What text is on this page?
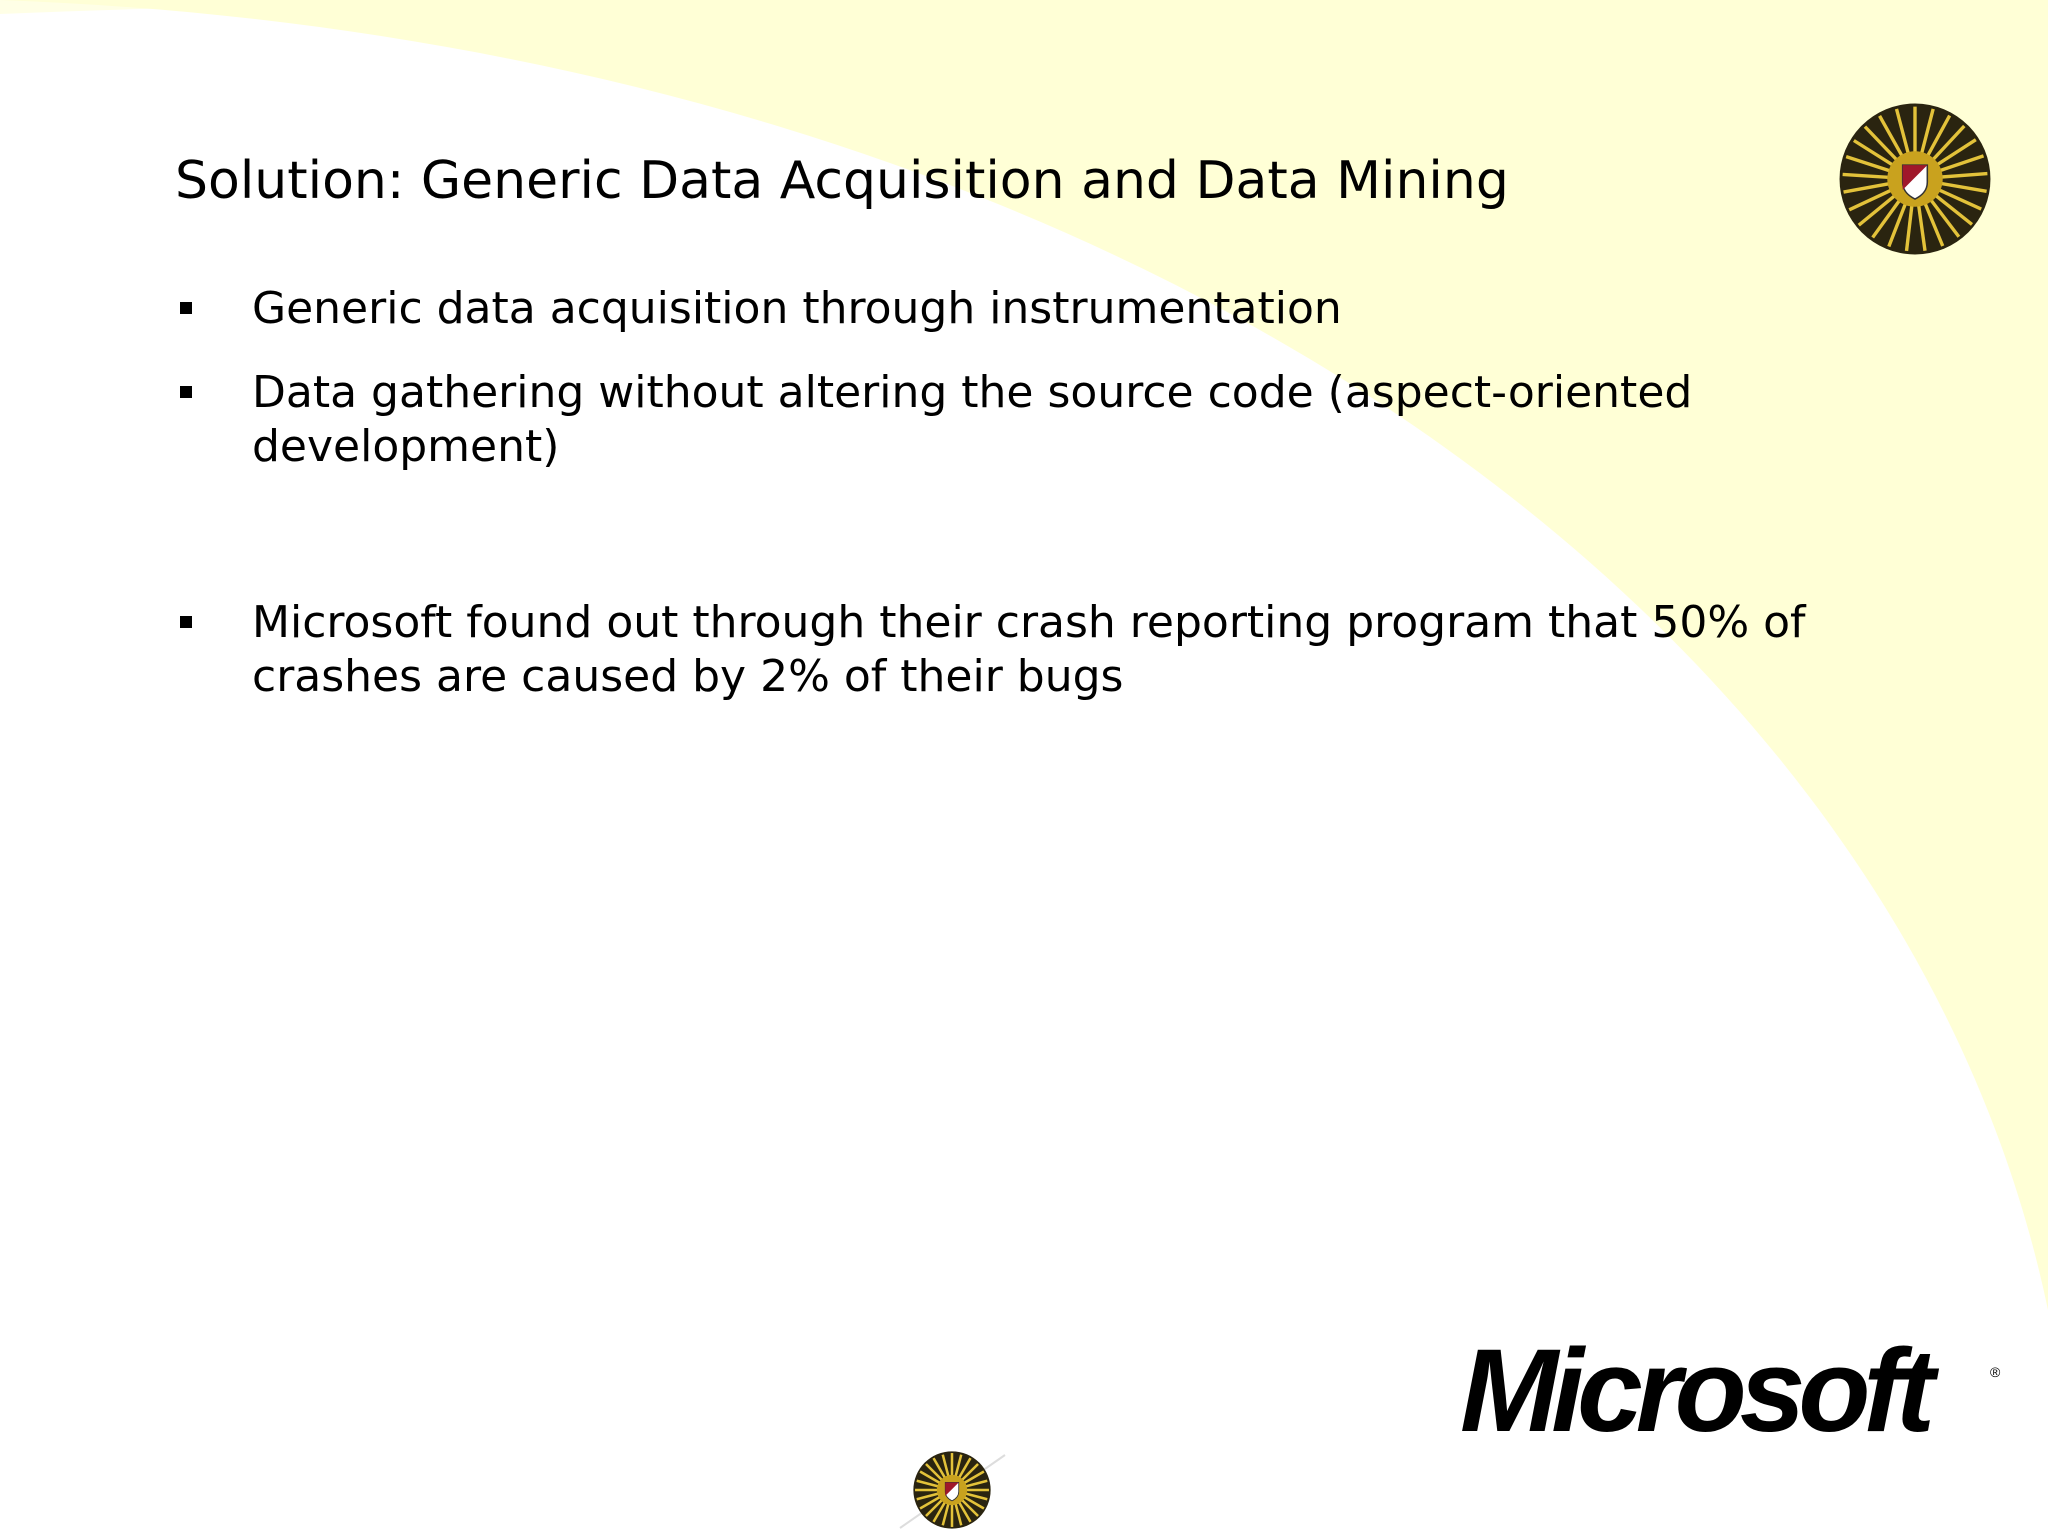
Solution: Generic Data Acquisition and Data Mining
Generic data acquisition through instrumentation
Data gathering without altering the source code (aspect-oriented development)
Microsoft found out through their crash reporting program that 50% of crashes are caused by 2% of their bugs
Microsoft	®
